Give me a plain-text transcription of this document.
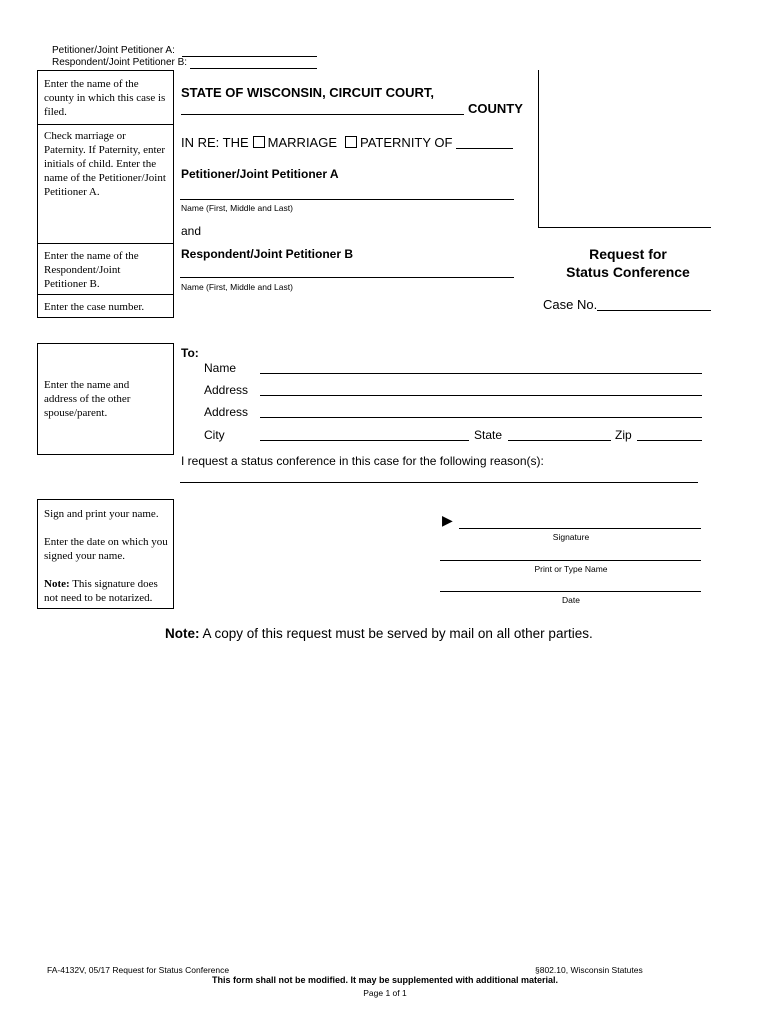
Petitioner/Joint Petitioner A:
Respondent/Joint Petitioner B:
Enter the name of the county in which this case is filed.
Check marriage or Paternity. If Paternity, enter initials of child. Enter the name of the Petitioner/Joint Petitioner A.
Enter the name of the Respondent/Joint Petitioner B.
Enter the case number.
STATE OF WISCONSIN, CIRCUIT COURT,
COUNTY
IN RE: THE MARRIAGE PATERNITY OF
Petitioner/Joint Petitioner A
Name (First, Middle and Last)
and
Respondent/Joint Petitioner B
Name (First, Middle and Last)
Request for
Status Conference
Case No.
Enter the name and address of the other spouse/parent.
To:
Name
Address
Address
City	State	Zip
I request a status conference in this case for the following reason(s):
Sign and print your name.
Enter the date on which you signed your name.
Note: This signature does not need to be notarized.
▶
Signature
Print or Type Name
Date
Note: A copy of this request must be served by mail on all other parties.
FA-4132V, 05/17 Request for Status Conference	§802.10, Wisconsin Statutes
This form shall not be modified. It may be supplemented with additional material.
Page 1 of 1
